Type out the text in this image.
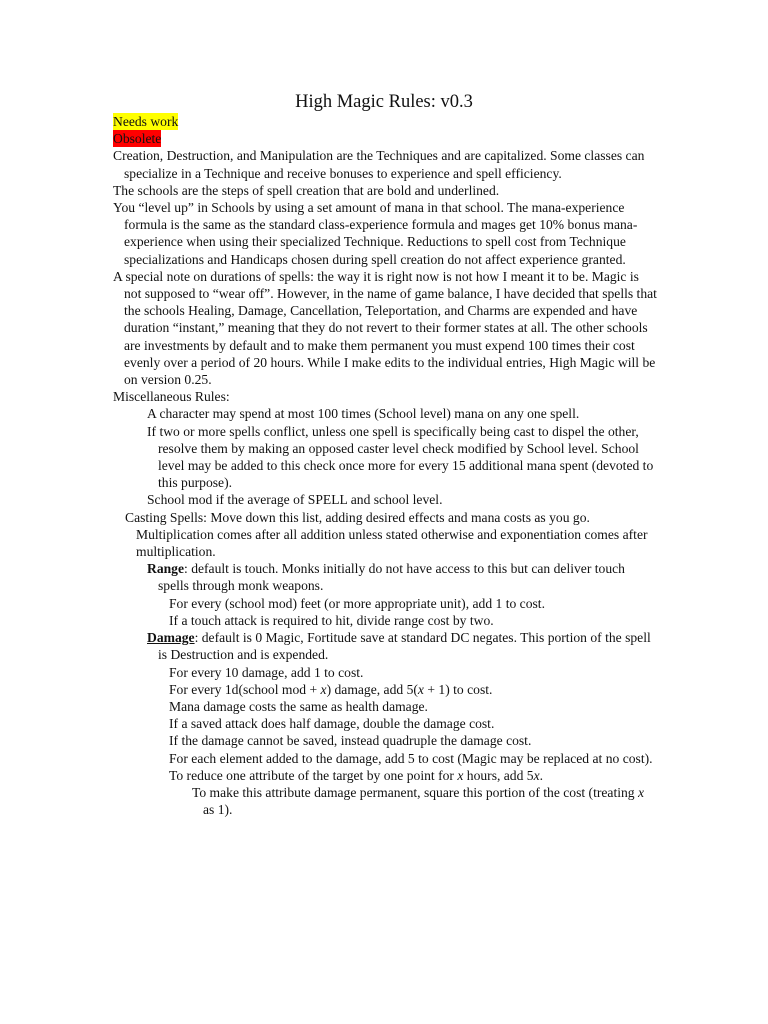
High Magic Rules: v0.3
Needs work
Obsolete

Creation, Destruction, and Manipulation are the Techniques and are capitalized. Some classes can specialize in a Technique and receive bonuses to experience and spell efficiency.

The schools are the steps of spell creation that are bold and underlined.

You “level up” in Schools by using a set amount of mana in that school. The mana-experience formula is the same as the standard class-experience formula and mages get 10% bonus mana-experience when using their specialized Technique. Reductions to spell cost from Technique specializations and Handicaps chosen during spell creation do not affect experience granted.

A special note on durations of spells: the way it is right now is not how I meant it to be. Magic is not supposed to “wear off”. However, in the name of game balance, I have decided that spells that the schools Healing, Damage, Cancellation, Teleportation, and Charms are expended and have duration “instant,” meaning that they do not revert to their former states at all. The other schools are investments by default and to make them permanent you must expend 100 times their cost evenly over a period of 20 hours. While I make edits to the individual entries, High Magic will be on version 0.25.

Miscellaneous Rules:

A character may spend at most 100 times (School level) mana on any one spell.

If two or more spells conflict, unless one spell is specifically being cast to dispel the other, resolve them by making an opposed caster level check modified by School level. School level may be added to this check once more for every 15 additional mana spent (devoted to this purpose).

School mod if the average of SPELL and school level.

Casting Spells: Move down this list, adding desired effects and mana costs as you go. Multiplication comes after all addition unless stated otherwise and exponentiation comes after multiplication.

Range: default is touch. Monks initially do not have access to this but can deliver touch spells through monk weapons.

For every (school mod) feet (or more appropriate unit), add 1 to cost.

If a touch attack is required to hit, divide range cost by two.

Damage: default is 0 Magic, Fortitude save at standard DC negates. This portion of the spell is Destruction and is expended.

For every 10 damage, add 1 to cost.

For every 1d(school mod + x) damage, add 5(x + 1) to cost.

Mana damage costs the same as health damage.

If a saved attack does half damage, double the damage cost.

If the damage cannot be saved, instead quadruple the damage cost.

For each element added to the damage, add 5 to cost (Magic may be replaced at no cost).

To reduce one attribute of the target by one point for x hours, add 5x.

To make this attribute damage permanent, square this portion of the cost (treating x as 1).
